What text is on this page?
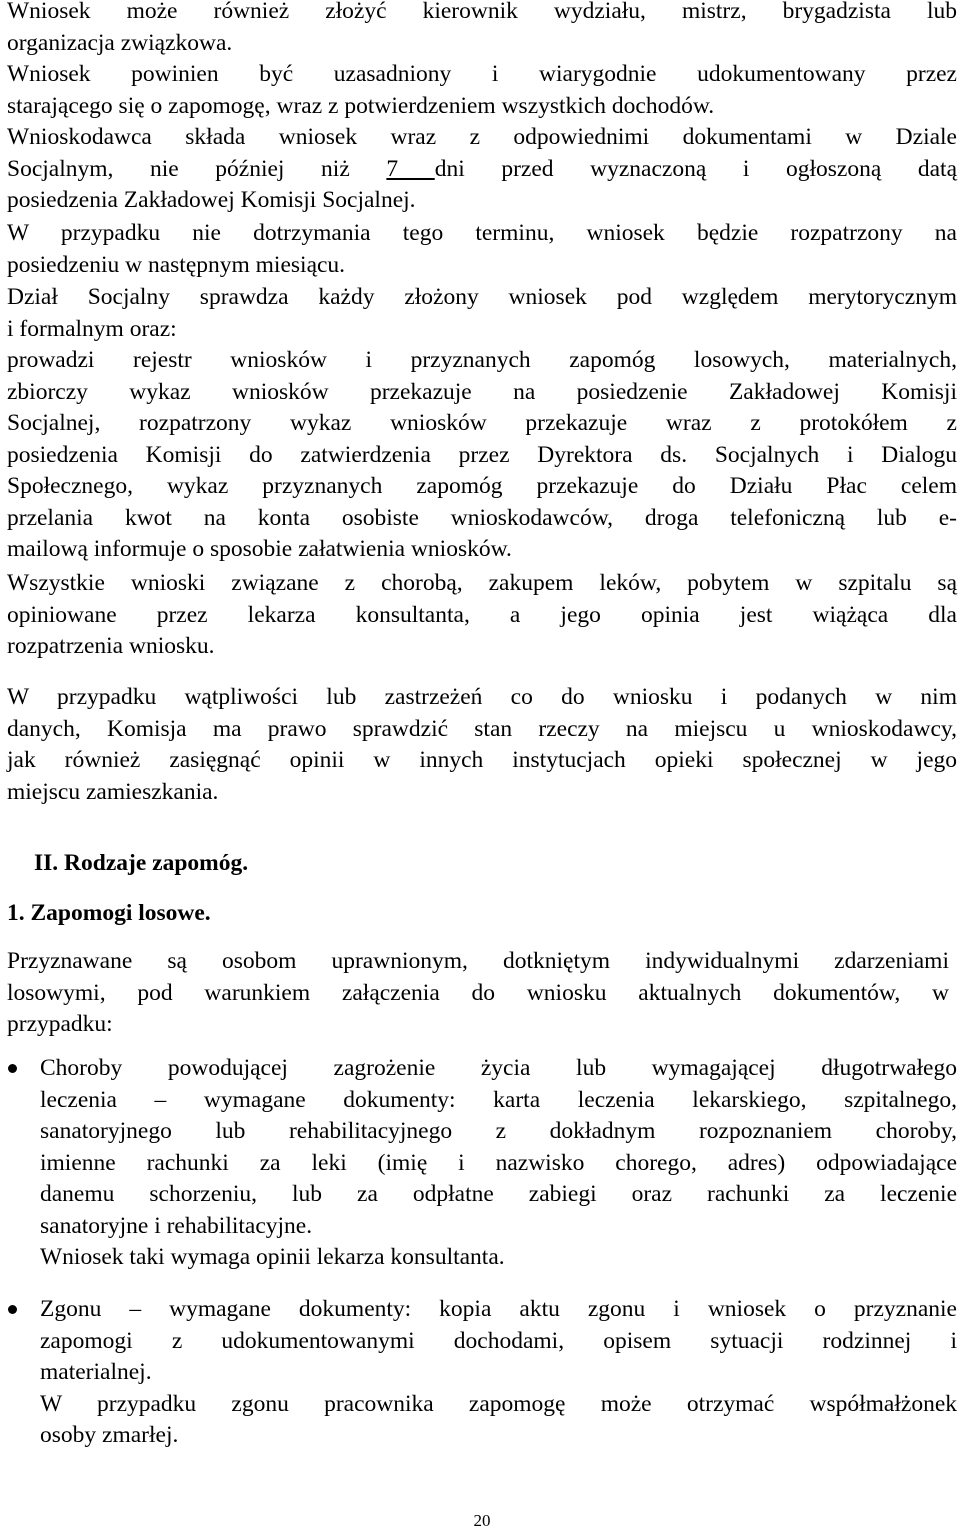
Wniosek może również złożyć kierownik wydziału, mistrz, brygadzista lub
organizacja związkowa.

Wniosek powinien być uzasadniony i wiarygodnie udokumentowany przez
starającego się o zapomogę, wraz z potwierdzeniem wszystkich dochodów.

Wnioskodawca składa wniosek wraz z odpowiednimi dokumentami w Dziale
Socjalnym, nie później niż 7 dni przed wyznaczoną i ogłoszoną datą
posiedzenia Zakładowej Komisji Socjalnej.

W przypadku nie dotrzymania tego terminu, wniosek będzie rozpatrzony na
posiedzeniu w następnym miesiącu.

Dział Socjalny sprawdza każdy złożony wniosek pod względem merytorycznym
i formalnym oraz:
prowadzi rejestr wniosków i przyznanych zapomóg losowych, materialnych,
zbiorczy wykaz wniosków przekazuje na posiedzenie Zakładowej Komisji
Socjalnej, rozpatrzony wykaz wniosków przekazuje wraz z protokółem z
posiedzenia Komisji do zatwierdzenia przez Dyrektora ds. Socjalnych i Dialogu
Społecznego, wykaz przyznanych zapomóg przekazuje do Działu Płac celem
przelania kwot na konta osobiste wnioskodawców, droga telefoniczną lub e-
mailową informuje o sposobie załatwienia wniosków.

Wszystkie wnioski związane z chorobą, zakupem leków, pobytem w szpitalu są
opiniowane przez lekarza konsultanta, a jego opinia jest wiążąca dla
rozpatrzenia wniosku.

W przypadku wątpliwości lub zastrzeżeń co do wniosku i podanych w nim
danych, Komisja ma prawo sprawdzić stan rzeczy na miejscu u wnioskodawcy,
jak również zasięgnąć opinii w innych instytucjach opieki społecznej w jego
miejscu zamieszkania.

II. Rodzaje zapomóg.
1. Zapomogi losowe.

Przyznawane są osobom uprawnionym, dotkniętym indywidualnymi zdarzeniami
losowymi, pod warunkiem załączenia do wniosku aktualnych dokumentów, w
przypadku:

Choroby powodującej zagrożenie życia lub wymagającej długotrwałego
leczenia – wymagane dokumenty: karta leczenia lekarskiego, szpitalnego,
sanatoryjnego lub rehabilitacyjnego z dokładnym rozpoznaniem choroby,
imienne rachunki za leki (imię i nazwisko chorego, adres) odpowiadające
danemu schorzeniu, lub za odpłatne zabiegi oraz rachunki za leczenie
sanatoryjne i rehabilitacyjne.
Wniosek taki wymaga opinii lekarza konsultanta.

Zgonu – wymagane dokumenty: kopia aktu zgonu i wniosek o przyznanie
zapomogi z udokumentowanymi dochodami, opisem sytuacji rodzinnej i
materialnej.
W przypadku zgonu pracownika zapomogę może otrzymać współmałżonek
osoby zmarłej.

20
